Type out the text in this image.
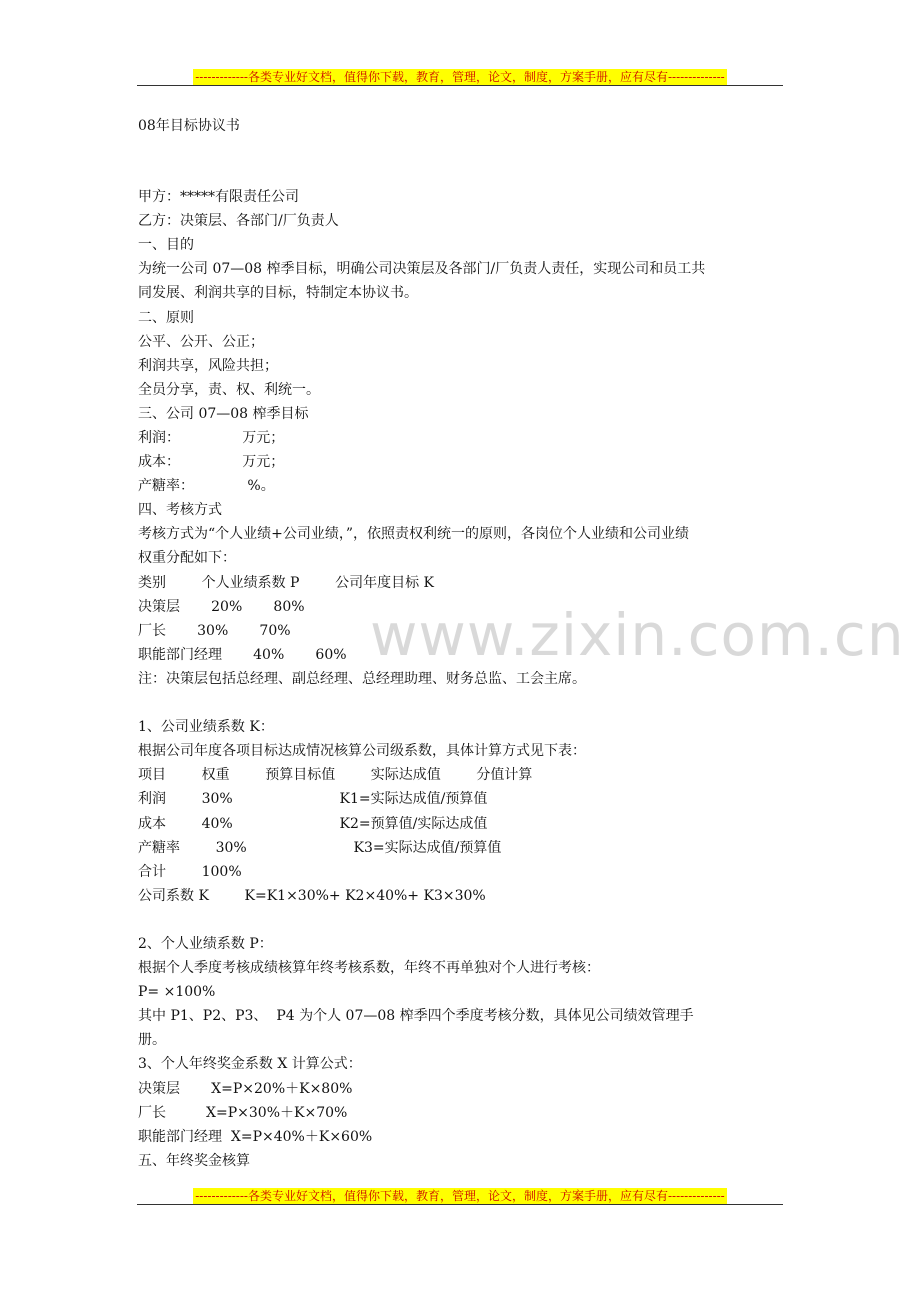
-------------各类专业好文档，值得你下载，教育，管理，论文，制度，方案手册，应有尽有--------------
www.zixin.com.cn
08年目标协议书
甲方：*****有限责任公司
乙方：决策层、各部门/厂负责人
一、目的
为统一公司 07—08 榨季目标，明确公司决策层及各部门/厂负责人责任，实现公司和员工共
同发展、利润共享的目标，特制定本协议书。
二、原则
公平、公开、公正；
利润共享，风险共担；
全员分享，责、权、利统一。
三、公司 07—08 榨季目标
利润：              万元；
成本：              万元；
产糖率：            %。
四、考核方式
考核方式为“个人业绩+公司业绩，”，依照责权利统一的原则，各岗位个人业绩和公司业绩
权重分配如下：
类别        个人业绩系数 P        公司年度目标 K
决策层       20%       80%
厂长       30%       70%
职能部门经理       40%       60%
注：决策层包括总经理、副总经理、总经理助理、财务总监、工会主席。
1、公司业绩系数 K：
根据公司年度各项目标达成情况核算公司级系数，具体计算方式见下表：
项目        权重        预算目标值        实际达成值        分值计算
利润        30%                        K1=实际达成值/预算值
成本        40%                        K2=预算值/实际达成值
产糖率        30%                        K3=实际达成值/预算值
合计        100%
公司系数 K        K=K1×30%+ K2×40%+ K3×30%
2、个人业绩系数 P：
根据个人季度考核成绩核算年终考核系数，年终不再单独对个人进行考核：
P= ×100%
其中 P1、P2、P3、  P4 为个人 07—08 榨季四个季度考核分数，具体见公司绩效管理手
册。
3、个人年终奖金系数 X 计算公式：
决策层       X=P×20%＋K×80%
厂长         X=P×30%＋K×70%
职能部门经理  X=P×40%＋K×60%
五、年终奖金核算
-------------各类专业好文档，值得你下载，教育，管理，论文，制度，方案手册，应有尽有--------------
